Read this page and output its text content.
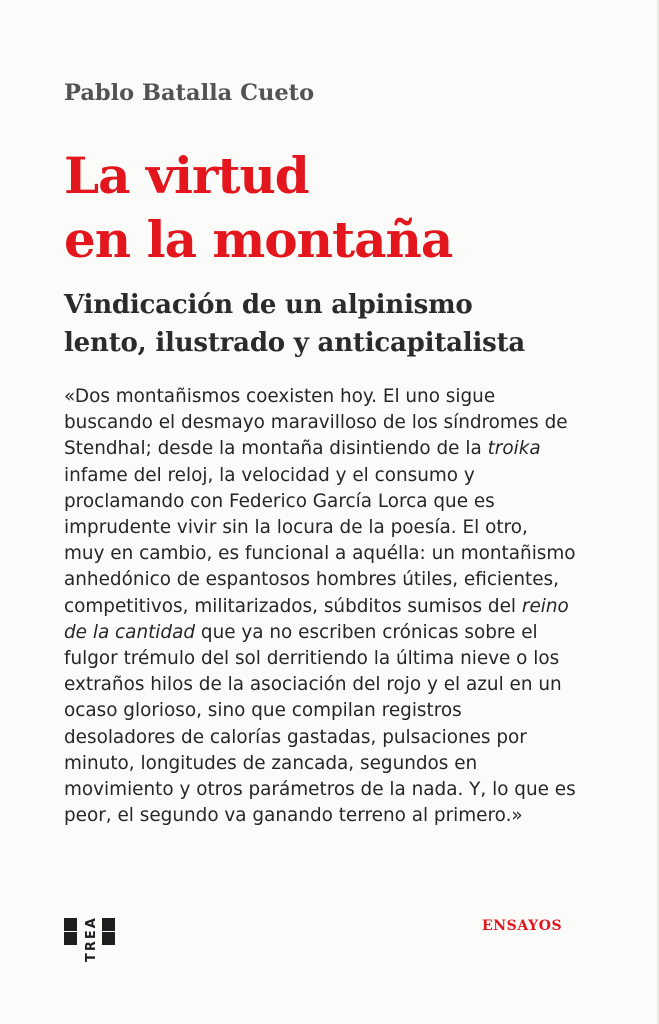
Pablo Batalla Cueto
La virtud
en la montaña
Vindicación de un alpinismo
lento, ilustrado y anticapitalista
«Dos montañismos coexisten hoy. El uno sigue
buscando el desmayo maravilloso de los síndromes de
Stendhal; desde la montaña disintiendo de la troika
infame del reloj, la velocidad y el consumo y
proclamando con Federico García Lorca que es
imprudente vivir sin la locura de la poesía. El otro,
muy en cambio, es funcional a aquélla: un montañismo
anhedónico de espantosos hombres útiles, eficientes,
competitivos, militarizados, súbditos sumisos del reino
de la cantidad que ya no escriben crónicas sobre el
fulgor trémulo del sol derritiendo la última nieve o los
extraños hilos de la asociación del rojo y el azul en un
ocaso glorioso, sino que compilan registros
desoladores de calorías gastadas, pulsaciones por
minuto, longitudes de zancada, segundos en
movimiento y otros parámetros de la nada. Y, lo que es
peor, el segundo va ganando terreno al primero.»
TREA	ENSAYOS
